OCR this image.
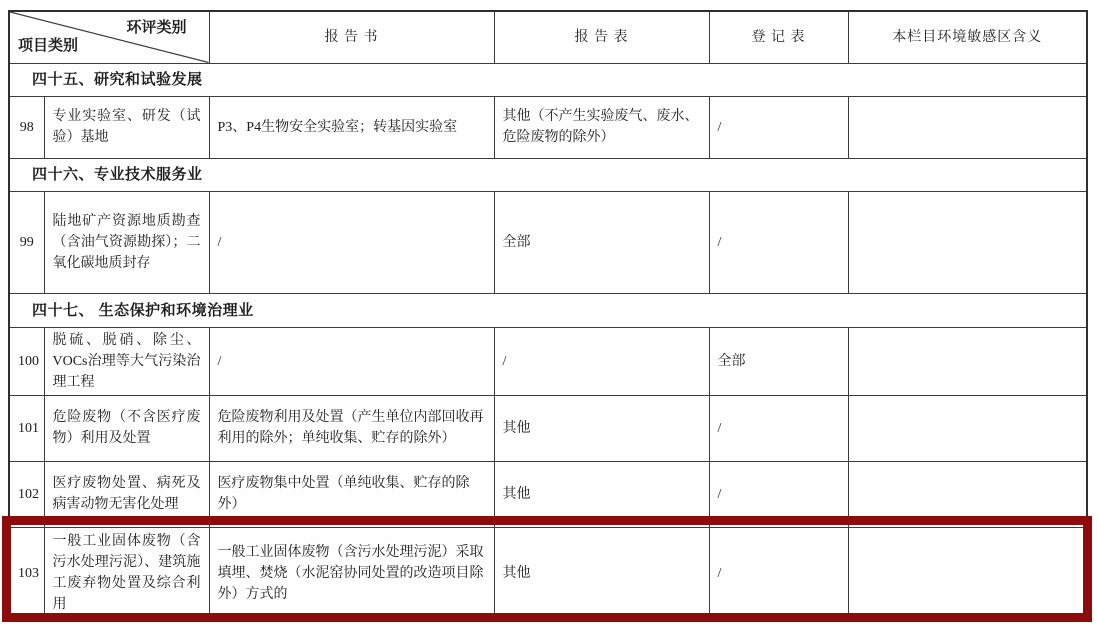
环评类别
项目类别		报 告 书	报 告 表	登 记 表	本栏目环境敏感区含义
四十五、研究和试验发展					
98	专业实验室、研发（试验）基地	P3、P4生物安全实验室；转基因实验室	其他（不产生实验废气、废水、危险废物的除外）	/	
四十六、专业技术服务业					
99	陆地矿产资源地质勘查（含油气资源勘探）；二氧化碳地质封存	/	全部	/	
四十七、 生态保护和环境治理业					
100	脱硫、脱硝、除尘、VOCs治理等大气污染治理工程	/	/	全部	
101	危险废物（不含医疗废物）利用及处置	危险废物利用及处置（产生单位内部回收再利用的除外；单纯收集、贮存的除外）	其他	/	
102	医疗废物处置、病死及病害动物无害化处理	医疗废物集中处置（单纯收集、贮存的除外）	其他	/	
103	一般工业固体废物（含污水处理污泥）、建筑施工废弃物处置及综合利用	一般工业固体废物（含污水处理污泥）采取填埋、焚烧（水泥窑协同处置的改造项目除外）方式的	其他	/	
